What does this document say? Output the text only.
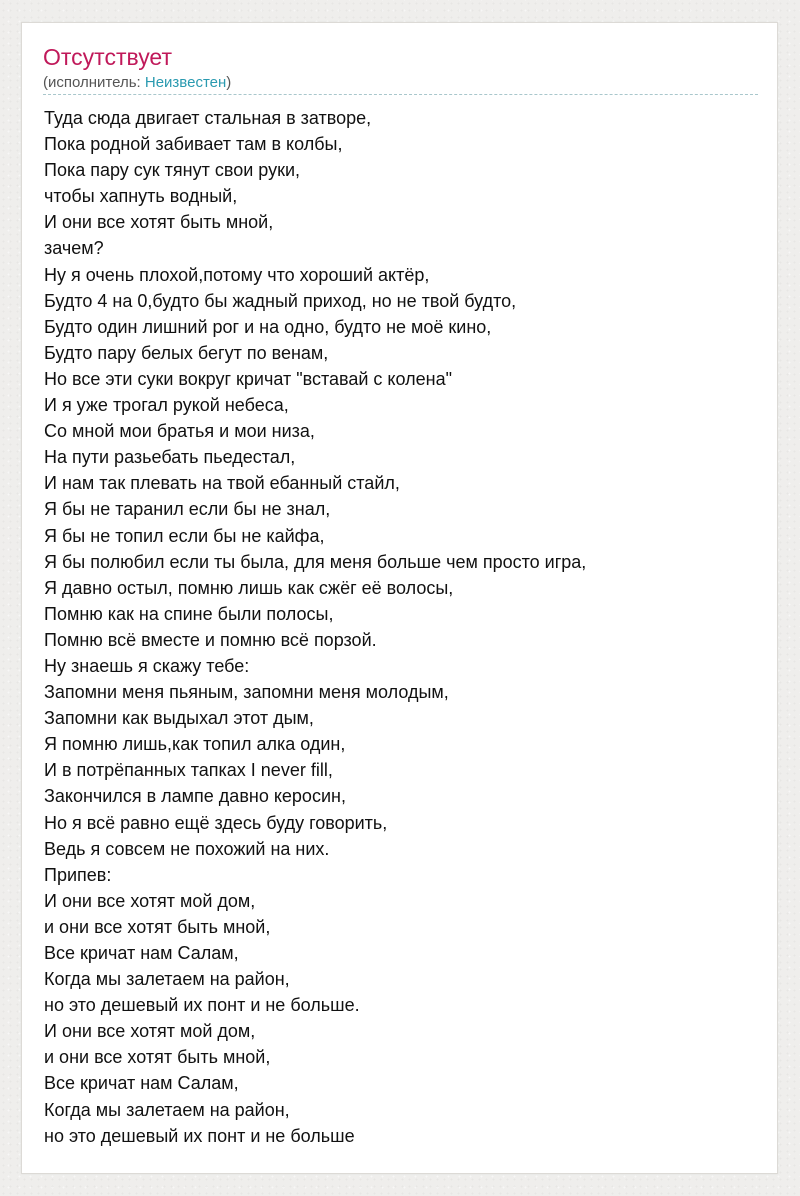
Отсутствует
(исполнитель: Неизвестен)
Туда сюда двигает стальная в затворе,
Пока родной забивает там в колбы,
Пока пару сук тянут свои руки,
чтобы хапнуть водный,
И они все хотят быть мной,
зачем?
Ну я очень плохой,потому что хороший актёр,
Будто 4 на 0,будто бы жадный приход, но не твой будто,
Будто один лишний рог и на одно, будто не моё кино,
Будто пару белых бегут по венам,
Но все эти суки вокруг кричат "вставай с колена"
И я уже трогал рукой небеса,
Со мной мои братья и мои низа,
На пути разьебать пьедестал,
И нам так плевать на твой ебанный стайл,
Я бы не таранил если бы не знал,
Я бы не топил если бы не кайфа,
Я бы полюбил если ты была, для меня больше чем просто игра,
Я давно остыл, помню лишь как сжёг её волосы,
Помню как на спине были полосы,
Помню всё вместе и помню всё порзой.
Ну знаешь я скажу тебе:
Запомни меня пьяным, запомни меня молодым,
Запомни как выдыхал этот дым,
Я помню лишь,как топил алка один,
И в потрёпанных тапках I never fill,
Закончился в лампе давно керосин,
Но я всё равно ещё здесь буду говорить,
Ведь я совсем не похожий на них.
Припев:
И они все хотят мой дом,
и они все хотят быть мной,
Все кричат нам Салам,
Когда мы залетаем на район,
но это дешевый их понт и не больше.
И они все хотят мой дом,
и они все хотят быть мной,
Все кричат нам Салам,
Когда мы залетаем на район,
но это дешевый их понт и не больше
